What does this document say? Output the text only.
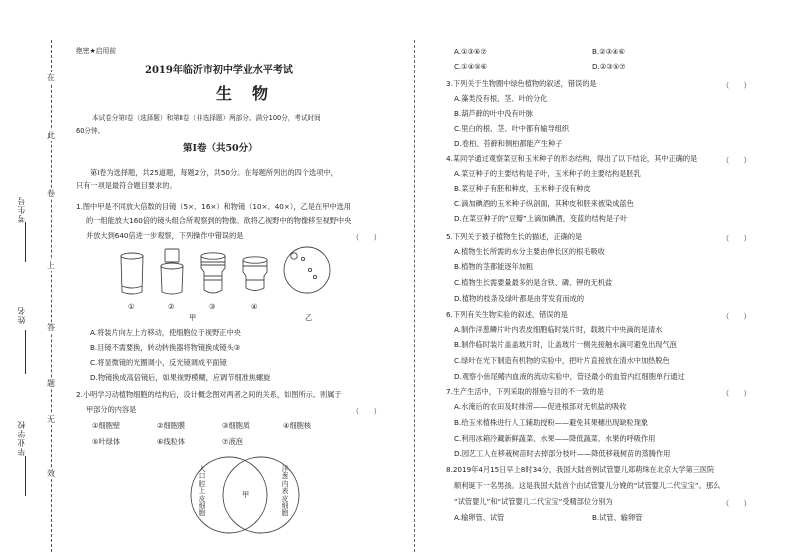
在
此
卷
上
答
题
无
效
考生号
姓名
毕业学校
绝密★启用前
2019年临沂市初中学业水平考试
生　物
本试卷分第Ⅰ卷（选择题）和第Ⅱ卷（非选择题）两部分。满分100分，考试时间
60分钟。
第Ⅰ卷（共50分）
第Ⅰ卷为选择题，共25道题，每题2分，共50分。在每题所列出的四个选项中，
只有一项是最符合题目要求的。
1.图中甲是不同放大倍数的目镜（5×、16×）和物镜（10×、40×），乙是在甲中选用
的一组能放大160倍的镜头组合所观察到的物像。欲将乙视野中的物像移至视野中央
并放大到640倍进一步观察，下列操作中错误的是	（　　）
①	②	③	④
甲	乙
A.将装片向左上方移动，使细胞位于视野正中央
B.目镜不需要换，转动转换器将物镜换成镜头③
C.将显微镜的光圈调小，反光镜调成平面镜
D.物镜换成高倍镜后，如果视野模糊，应调节细准焦螺旋
2.小明学习动植物细胞的结构后，设计概念图对两者之间的关系，如图所示。则属于
甲部分的内容是	（　　）
①细胞壁	②细胞膜	③细胞质	④细胞核
⑤叶绿体	⑥线粒体	⑦液泡
人口腔上皮细胞
甲
洋葱内表皮细胞
A.①③⑥⑦	B.②③④⑥
C.①④⑤⑥	D.②③⑤⑦
3.下列关于生物圈中绿色植物的叙述，错误的是	（　　）
A.藻类没有根、茎、叶的分化
B.葫芦藓的叶中没有叶脉
C.里白的根、茎、叶中都有输导组织
D.卷柏、苔藓和侧柏都能产生种子
4.某同学通过观察菜豆和玉米种子的形态结构，得出了以下结论，其中正确的是	（　　）
A.菜豆种子的主要结构是子叶，玉米种子的主要结构是胚乳
B.菜豆种子有胚和种皮，玉米种子没有种皮
C.滴加碘酒的玉米种子纵剖面，其种皮和胚来被染成蓝色
D.在菜豆种子的“豆瓣”上滴加碘酒，变蓝的结构是子叶
5.下列关于被子植物生长的描述，正确的是	（　　）
A.植物生长所需的水分主要由伸长区的根毛吸收
B.植物的茎都能逐年加粗
C.植物生长需要量最多的是含铁、磷、钾的无机盐
D.植物的枝条及绿叶都是由芽发育而成的
6.下列有关生物实验的叙述，错误的是	（　　）
A.制作洋葱鳞片叶内表皮细胞临时装片时，载玻片中央滴的是清水
B.制作临时装片盖盖玻片时，让盖玻片一侧先接触水滴可避免出现气泡
C.绿叶在光下制造有机物的实验中，把叶片直接放在清水中加热脱色
D.观察小鱼尾鳍内血液的流动实验中，管径最小的血管内红细胞单行通过
7.生产生活中，下列采取的措施与目的不一致的是	（　　）
A.水淹后的农田及时排涝——促进根部对无机盐的吸收
B.给玉米植株进行人工辅助授粉——避免其果穗出现缺粒现象
C.利用冰箱冷藏新鲜蔬菜、水果——降低蔬菜、水果的呼吸作用
D.园艺工人在移栽树苗时去掉部分枝叶——降低移栽树苗的蒸腾作用
8.2019年4月15日早上8时34分，我国大陆首例试管婴儿郑萌珠在北京大学第三医院
顺利诞下一名男孩。这是我国大陆首个由试管婴儿分娩的“试管婴儿二代宝宝”。那么
“试管婴儿”和“试管婴儿二代宝宝”受精部位分别为	（　　）
A.输卵管、试管	B.试管、输卵管
